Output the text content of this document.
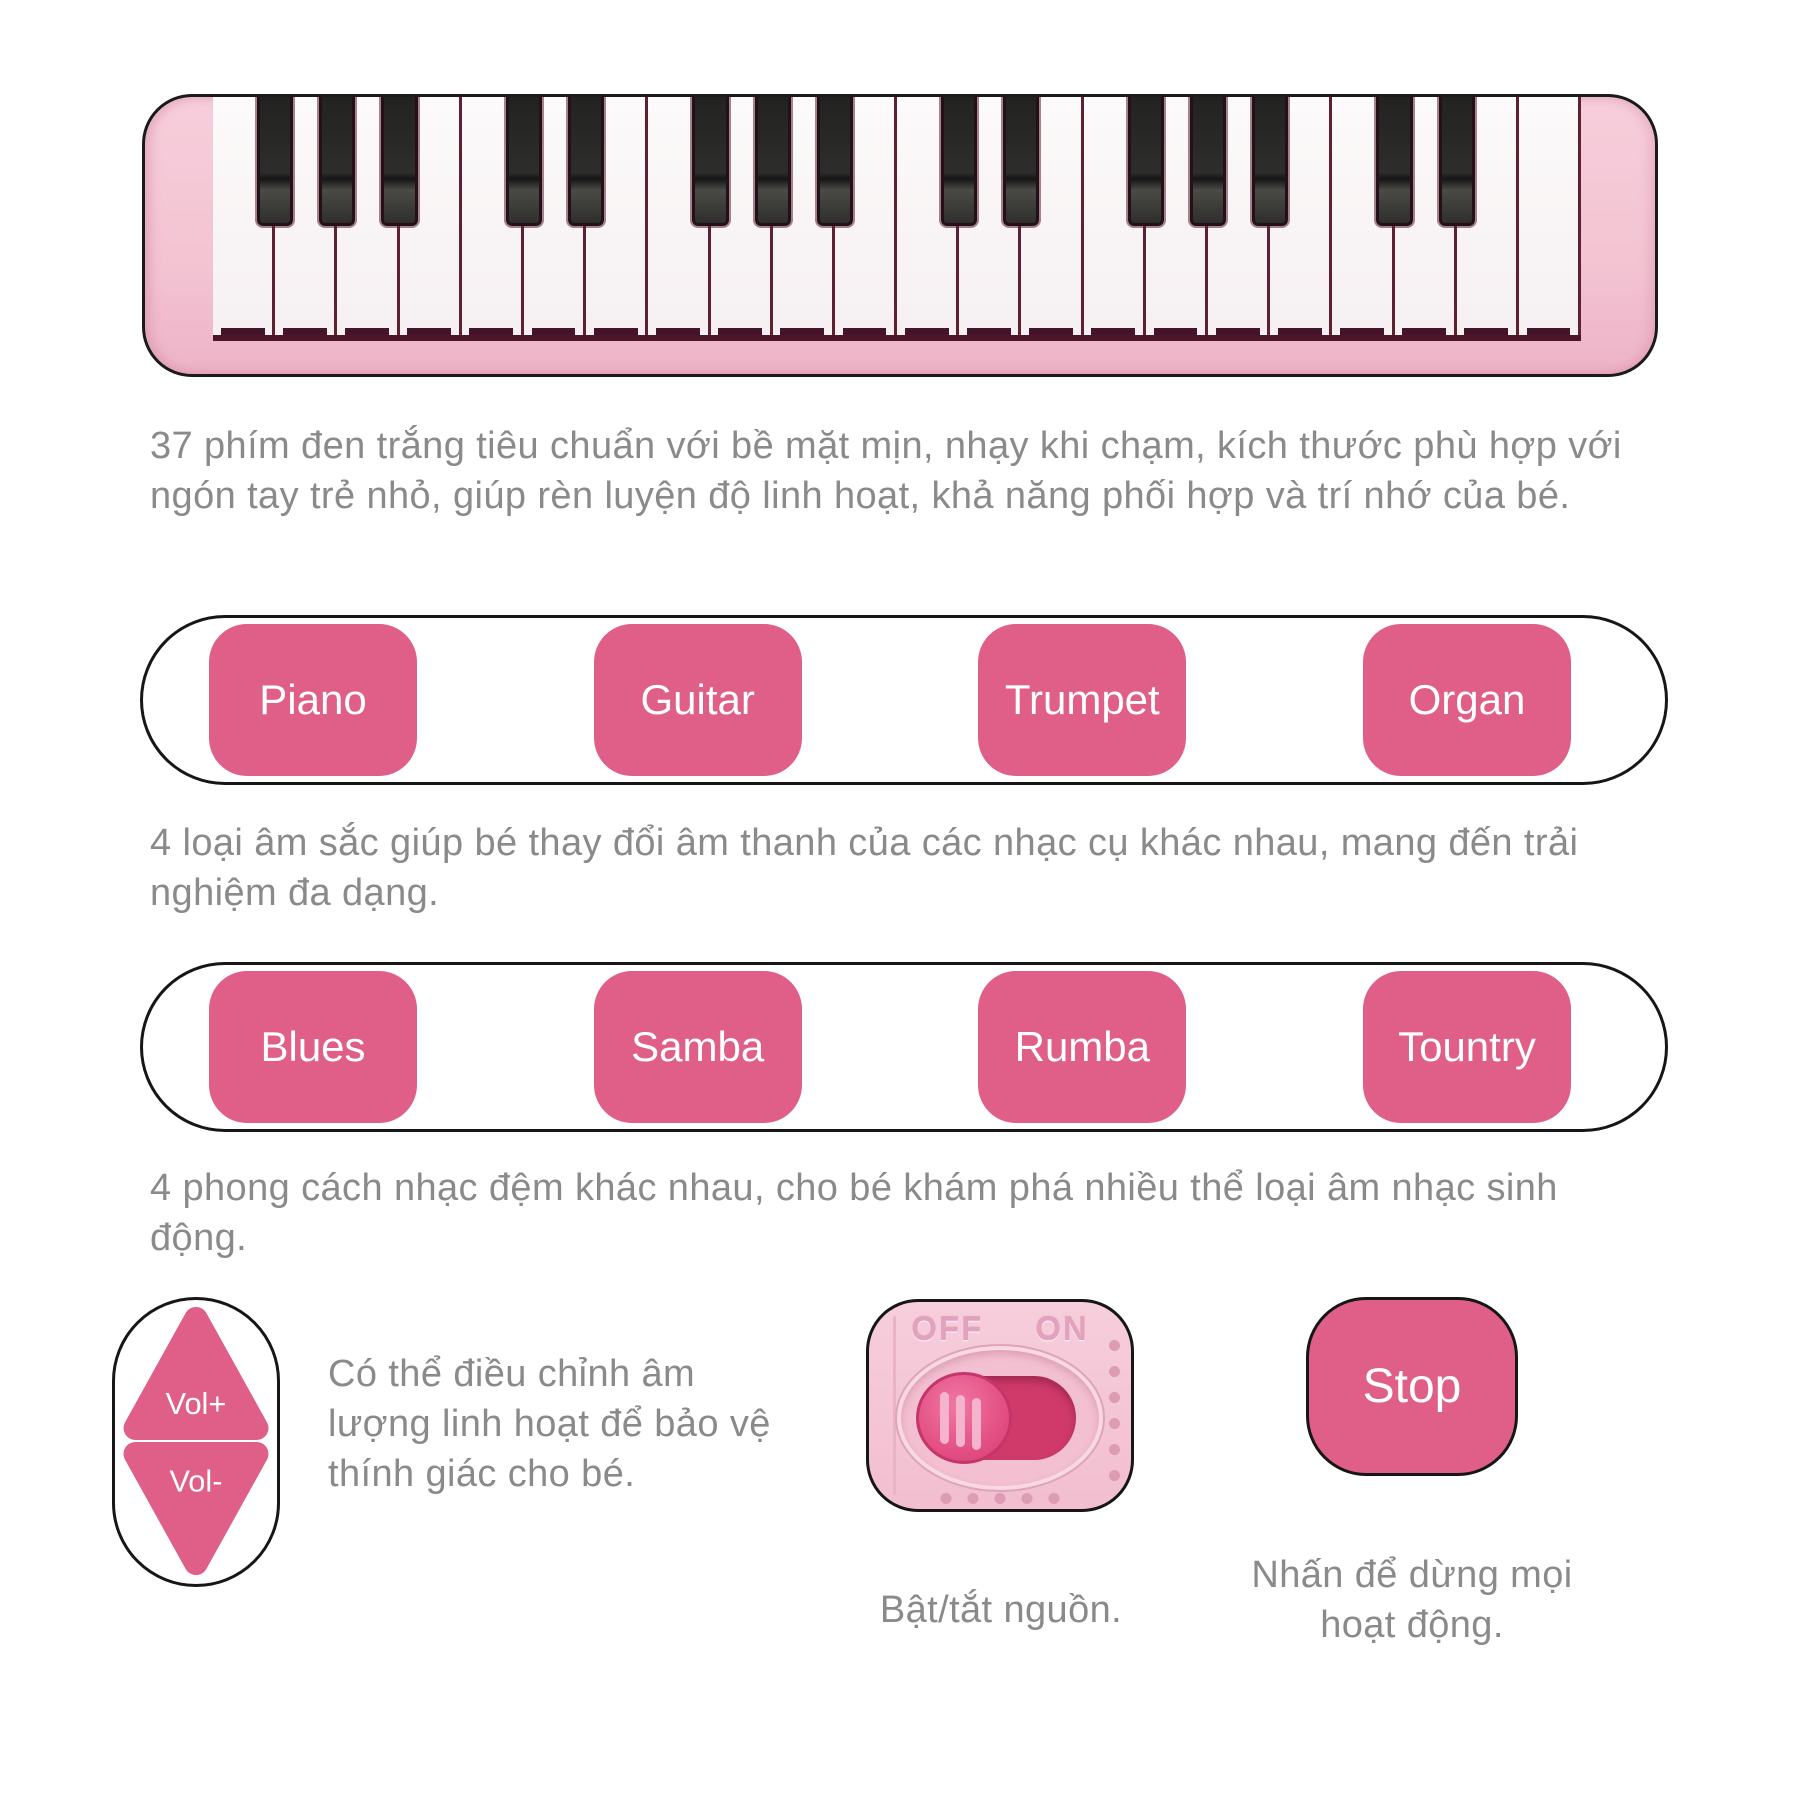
37 phím đen trắng tiêu chuẩn với bề mặt mịn, nhạy khi chạm, kích thước phù hợp với ngón tay trẻ nhỏ, giúp rèn luyện độ linh hoạt, khả năng phối hợp và trí nhớ của bé.
Piano	Guitar	Trumpet	Organ
4 loại âm sắc giúp bé thay đổi âm thanh của các nhạc cụ khác nhau, mang đến trải nghiệm đa dạng.
Blues	Samba	Rumba	Tountry
4 phong cách nhạc đệm khác nhau, cho bé khám phá nhiều thể loại âm nhạc sinh động.
Vol+
Vol-
Có thể điều chỉnh âm lượng linh hoạt để bảo vệ thính giác cho bé.
OFF ON
Bật/tắt nguồn.
Stop
Nhấn để dừng mọi hoạt động.
